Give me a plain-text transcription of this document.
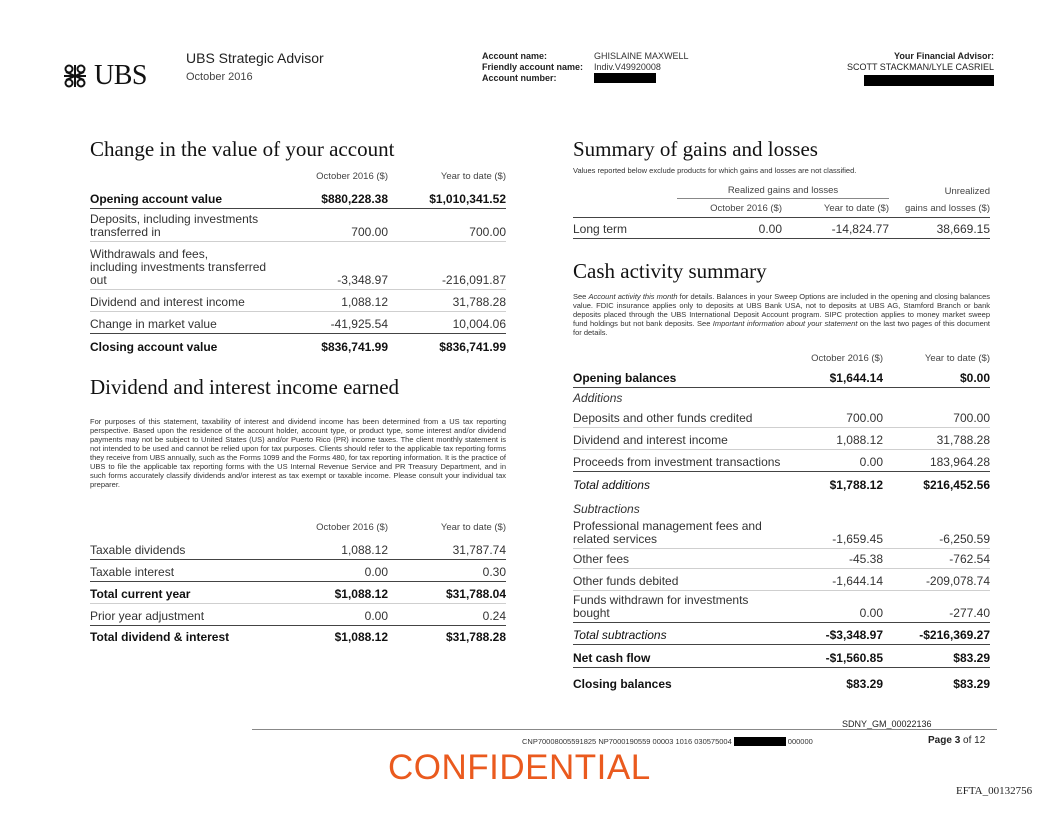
UBS
UBS Strategic Advisor
October 2016
Account name:	GHISLAINE MAXWELL
Friendly account name:	Indiv.V49920008
Account number:
Your Financial Advisor:
SCOTT STACKMAN/LYLE CASRIEL
Change in the value of your account
October 2016 ($)	Year to date ($)
Opening account value	$880,228.38	$1,010,341.52
Deposits, including investments
transferred in	700.00	700.00
Withdrawals and fees,
including investments transferred
out	-3,348.97	-216,091.87
Dividend and interest income	1,088.12	31,788.28
Change in market value	-41,925.54	10,004.06
Closing account value	$836,741.99	$836,741.99
Dividend and interest income earned
For purposes of this statement, taxability of interest and dividend income has been determined from a US tax reporting perspective. Based upon the residence of the account holder, account type, or product type, some interest and/or dividend payments may not be subject to United States (US) and/or Puerto Rico (PR) income taxes. The client monthly statement is not intended to be used and cannot be relied upon for tax purposes. Clients should refer to the applicable tax reporting forms they receive from UBS annually, such as the Forms 1099 and the Forms 480, for tax reporting information. It is the practice of UBS to file the applicable tax reporting forms with the US Internal Revenue Service and PR Treasury Department, and in such forms accurately classify dividends and/or interest as tax exempt or taxable income. Please consult your individual tax preparer.
October 2016 ($)	Year to date ($)
Taxable dividends	1,088.12	31,787.74
Taxable interest	0.00	0.30
Total current year	$1,088.12	$31,788.04
Prior year adjustment	0.00	0.24
Total dividend & interest	$1,088.12	$31,788.28
Summary of gains and losses
Values reported below exclude products for which gains and losses are not classified.
Realized gains and losses	Unrealized
October 2016 ($)	Year to date ($)	gains and losses ($)
Long term	0.00	-14,824.77	38,669.15
Cash activity summary
See Account activity this month for details. Balances in your Sweep Options are included in the opening and closing balances value. FDIC insurance applies only to deposits at UBS Bank USA, not to deposits at UBS AG, Stamford Branch or bank deposits placed through the UBS International Deposit Account program. SIPC protection applies to money market sweep fund holdings but not bank deposits. See Important information about your statement on the last two pages of this document for details.
October 2016 ($)	Year to date ($)
Opening balances	$1,644.14	$0.00
Additions
Deposits and other funds credited	700.00	700.00
Dividend and interest income	1,088.12	31,788.28
Proceeds from investment transactions	0.00	183,964.28
Total additions	$1,788.12	$216,452.56
Subtractions
Professional management fees and
related services	-1,659.45	-6,250.59
Other fees	-45.38	-762.54
Other funds debited	-1,644.14	-209,078.74
Funds withdrawn for investments
bought	0.00	-277.40
Total subtractions	-$3,348.97	-$216,369.27
Net cash flow	-$1,560.85	$83.29
Closing balances	$83.29	$83.29
SDNY_GM_00022136
CNP70008005591825 NP7000190559 00003 1016 030575004	000000	Page 3 of 12
CONFIDENTIAL
EFTA_00132756
